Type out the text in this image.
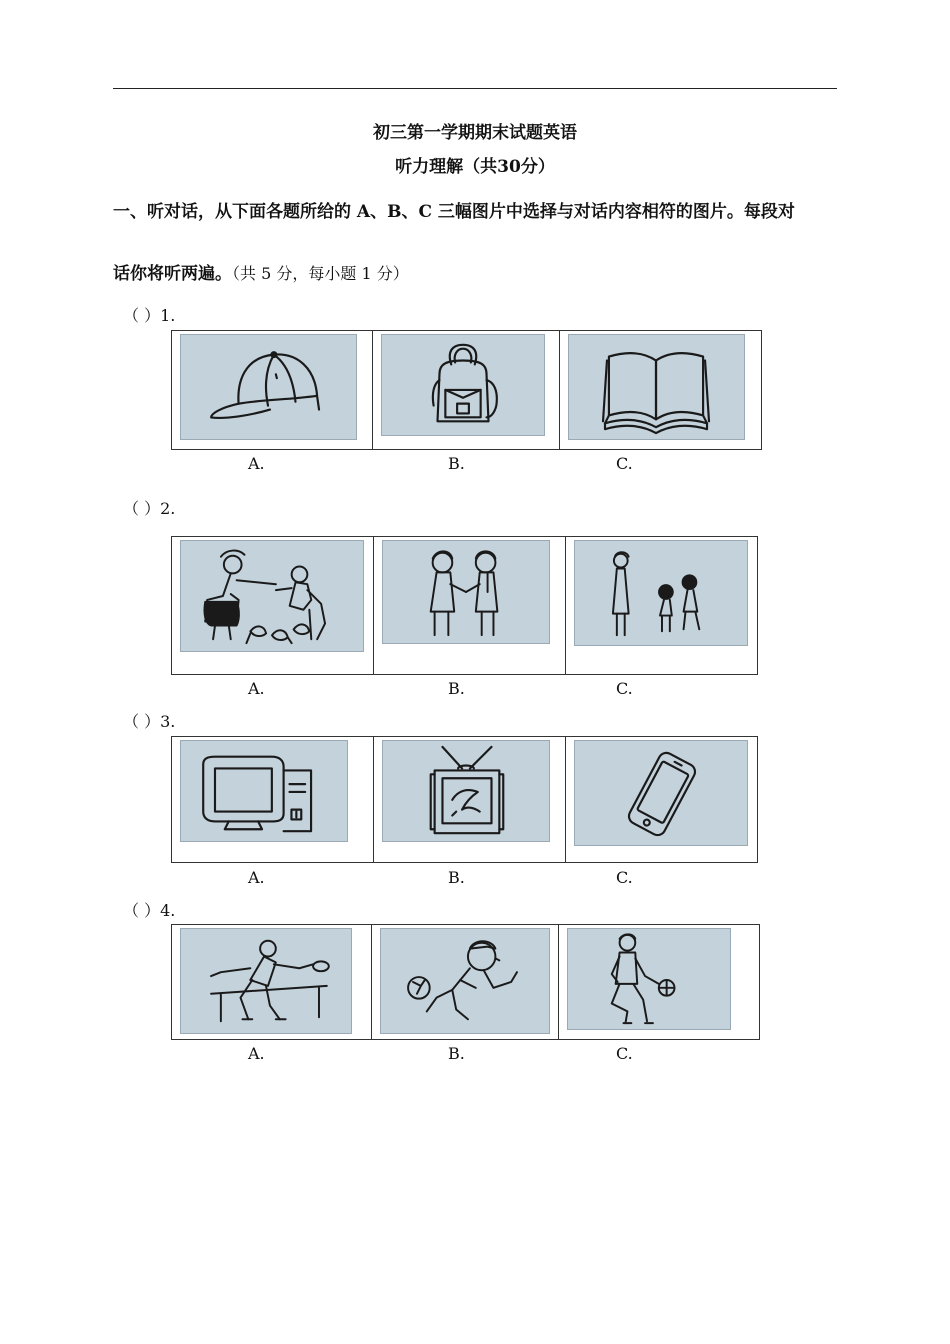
初三第一学期期末试题英语
听力理解（共30分）
一、听对话，从下面各题所给的 A、B、C 三幅图片中选择与对话内容相符的图片。每段对
话你将听两遍。（共 5 分，每小题 1 分）
（ ）1.
A.	B.	C.
（ ）2.
A.	B.	C.
（ ）3.
A.	B.	C.
（ ）4.
A.	B.	C.
